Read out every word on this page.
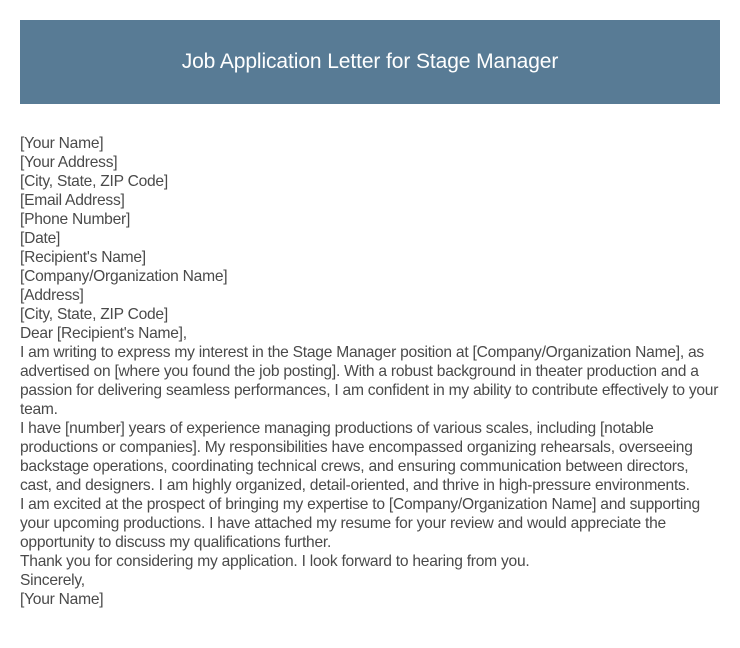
Job Application Letter for Stage Manager
[Your Name]
[Your Address]
[City, State, ZIP Code]
[Email Address]
[Phone Number]
[Date]
[Recipient's Name]
[Company/Organization Name]
[Address]
[City, State, ZIP Code]
Dear [Recipient's Name],

I am writing to express my interest in the Stage Manager position at [Company/Organization Name], as advertised on [where you found the job posting]. With a robust background in theater production and a passion for delivering seamless performances, I am confident in my ability to contribute effectively to your team.

I have [number] years of experience managing productions of various scales, including [notable productions or companies]. My responsibilities have encompassed organizing rehearsals, overseeing backstage operations, coordinating technical crews, and ensuring communication between directors, cast, and designers. I am highly organized, detail-oriented, and thrive in high-pressure environments.

I am excited at the prospect of bringing my expertise to [Company/Organization Name] and supporting your upcoming productions. I have attached my resume for your review and would appreciate the opportunity to discuss my qualifications further.

Thank you for considering my application. I look forward to hearing from you.

Sincerely,
[Your Name]
